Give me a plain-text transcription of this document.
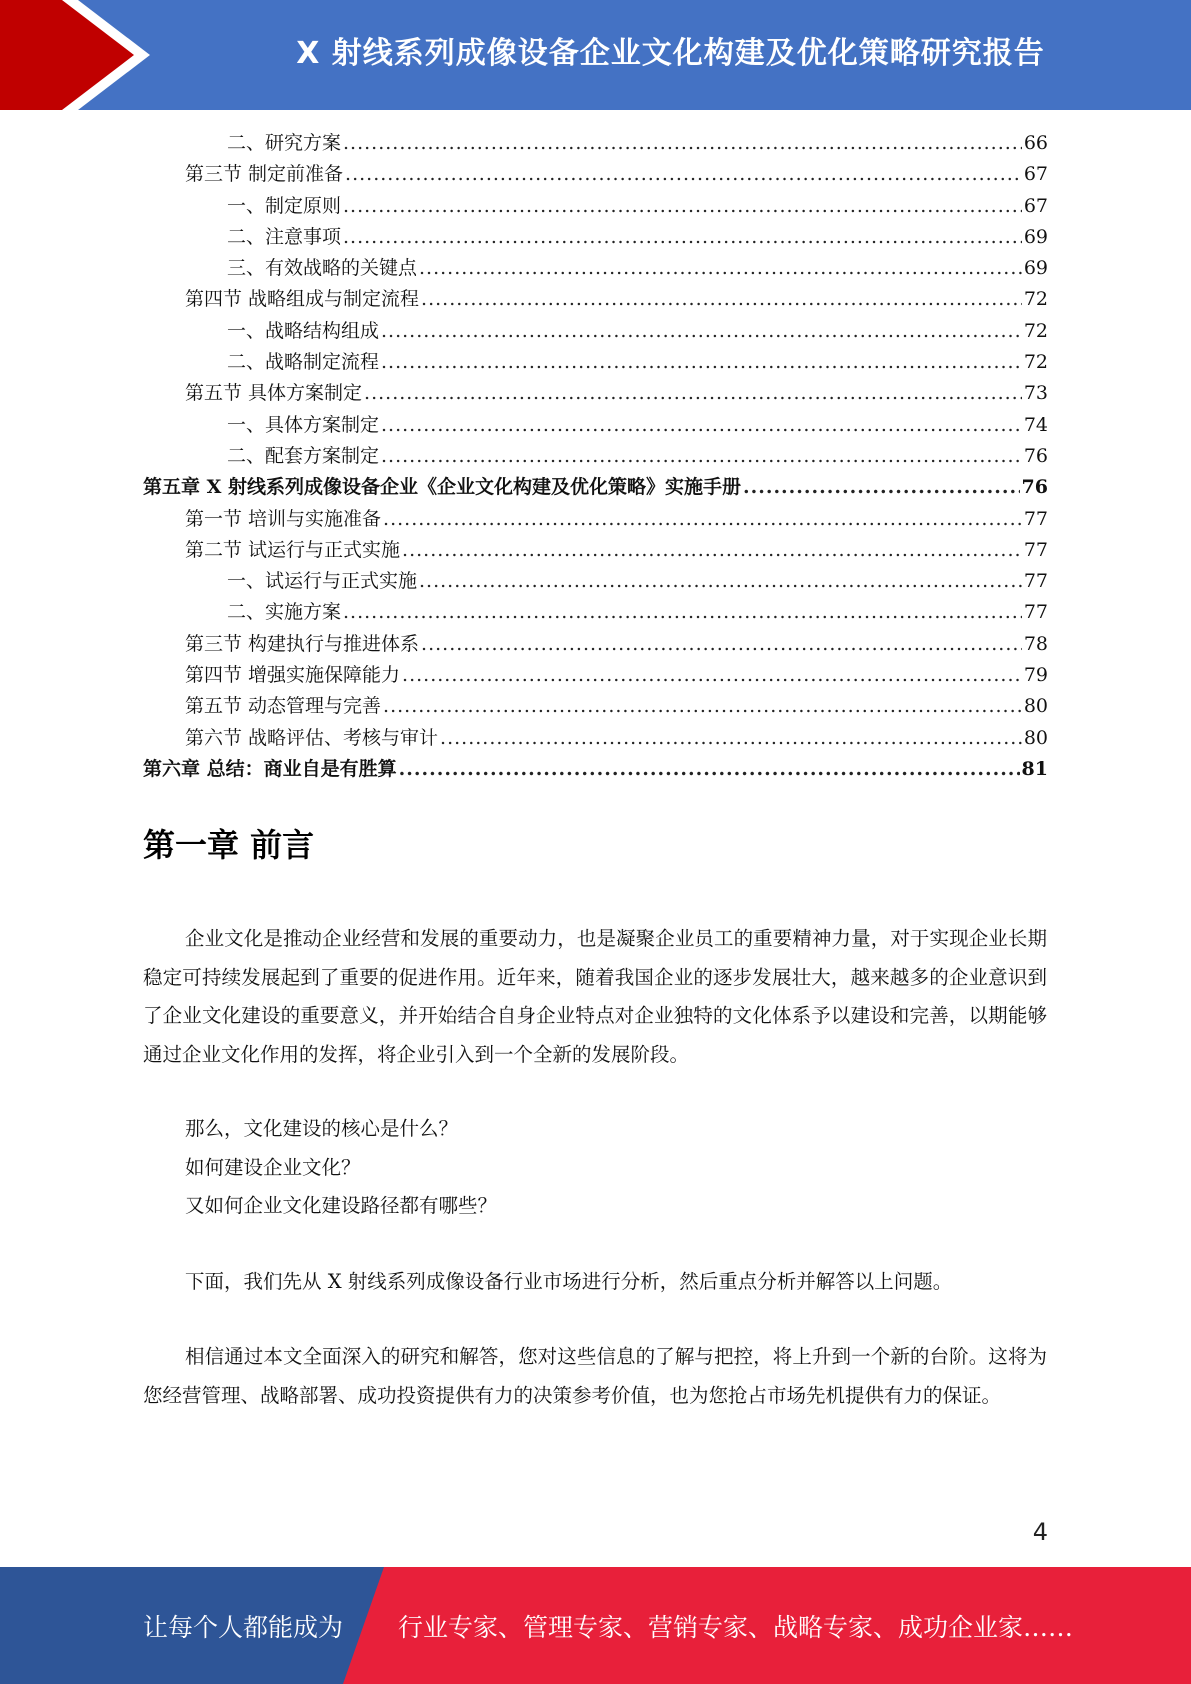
X 射线系列成像设备企业文化构建及优化策略研究报告
二、研究方案 .....	66
第三节 制定前准备 .....	67
一、制定原则 .....	67
二、注意事项 .....	69
三、有效战略的关键点 .....	69
第四节 战略组成与制定流程 .....	72
一、战略结构组成 .....	72
二、战略制定流程 .....	72
第五节 具体方案制定 .....	73
一、具体方案制定 .....	74
二、配套方案制定 .....	76
第五章 X 射线系列成像设备企业《企业文化构建及优化策略》实施手册 .....	76
第一节 培训与实施准备 .....	77
第二节 试运行与正式实施 .....	77
一、试运行与正式实施 .....	77
二、实施方案 .....	77
第三节 构建执行与推进体系 .....	78
第四节 增强实施保障能力 .....	79
第五节 动态管理与完善 .....	80
第六节 战略评估、考核与审计 .....	80
第六章 总结：商业自是有胜算 .....	81
第一章 前言

企业文化是推动企业经营和发展的重要动力，也是凝聚企业员工的重要精神力量，对于实现企业长期稳定可持续发展起到了重要的促进作用。近年来，随着我国企业的逐步发展壮大，越来越多的企业意识到了企业文化建设的重要意义，并开始结合自身企业特点对企业独特的文化体系予以建设和完善，以期能够通过企业文化作用的发挥，将企业引入到一个全新的发展阶段。

那么，文化建设的核心是什么？
如何建设企业文化？
又如何企业文化建设路径都有哪些？

下面，我们先从 X 射线系列成像设备行业市场进行分析，然后重点分析并解答以上问题。

相信通过本文全面深入的研究和解答，您对这些信息的了解与把控，将上升到一个新的台阶。这将为您经营管理、战略部署、成功投资提供有力的决策参考价值，也为您抢占市场先机提供有力的保证。

4
让每个人都能成为 行业专家、管理专家、营销专家、战略专家、成功企业家……
